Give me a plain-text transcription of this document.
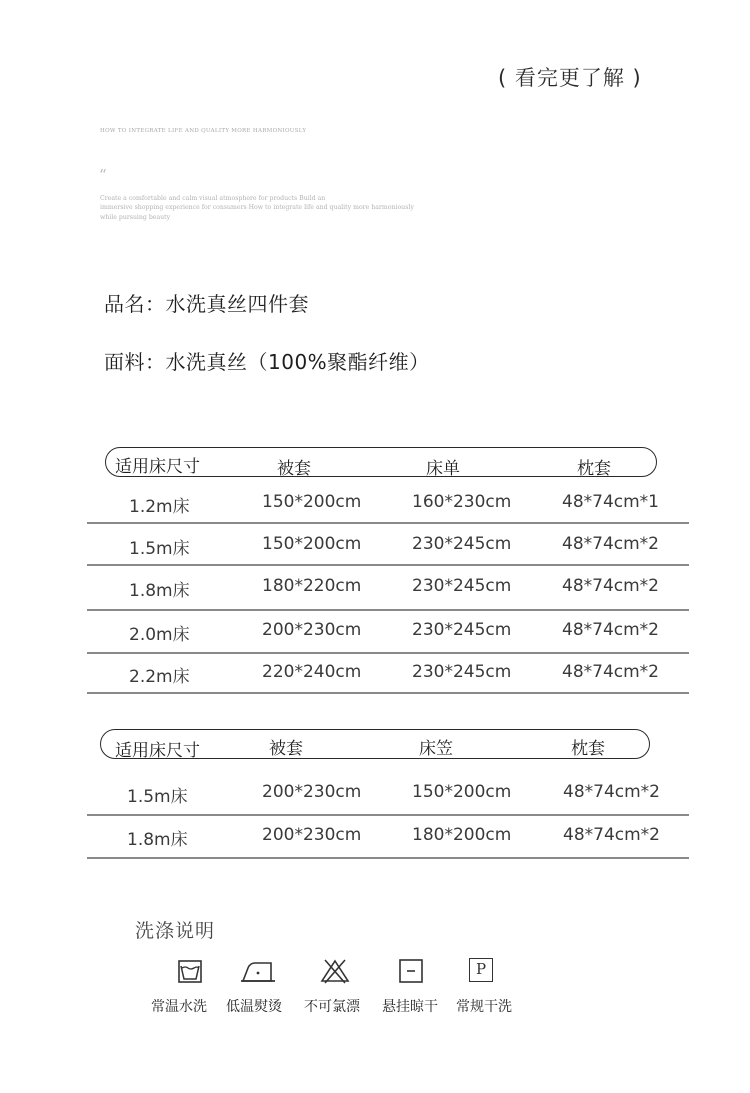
( 看完更了解 )
HOW TO INTEGRATE LIFE AND QUALITY MORE HARMONIOUSLY
“
Create a comfortable and calm visual atmosphere for products Build an
immersive shopping experience for consumers How to integrate life and quality more harmoniously
while pursuing beauty
品名：水洗真丝四件套
面料：水洗真丝（100%聚酯纤维）
适用床尺寸	被套	床单	枕套
1.2m床	150*200cm	160*230cm	48*74cm*1
1.5m床	150*200cm	230*245cm	48*74cm*2
1.8m床	180*220cm	230*245cm	48*74cm*2
2.0m床	200*230cm	230*245cm	48*74cm*2
2.2m床	220*240cm	230*245cm	48*74cm*2
适用床尺寸	被套	床笠	枕套
1.5m床	200*230cm	150*200cm	48*74cm*2
1.8m床	200*230cm	180*200cm	48*74cm*2
洗涤说明
P
常温水洗 低温熨烫 不可氯漂 悬挂晾干 常规干洗
